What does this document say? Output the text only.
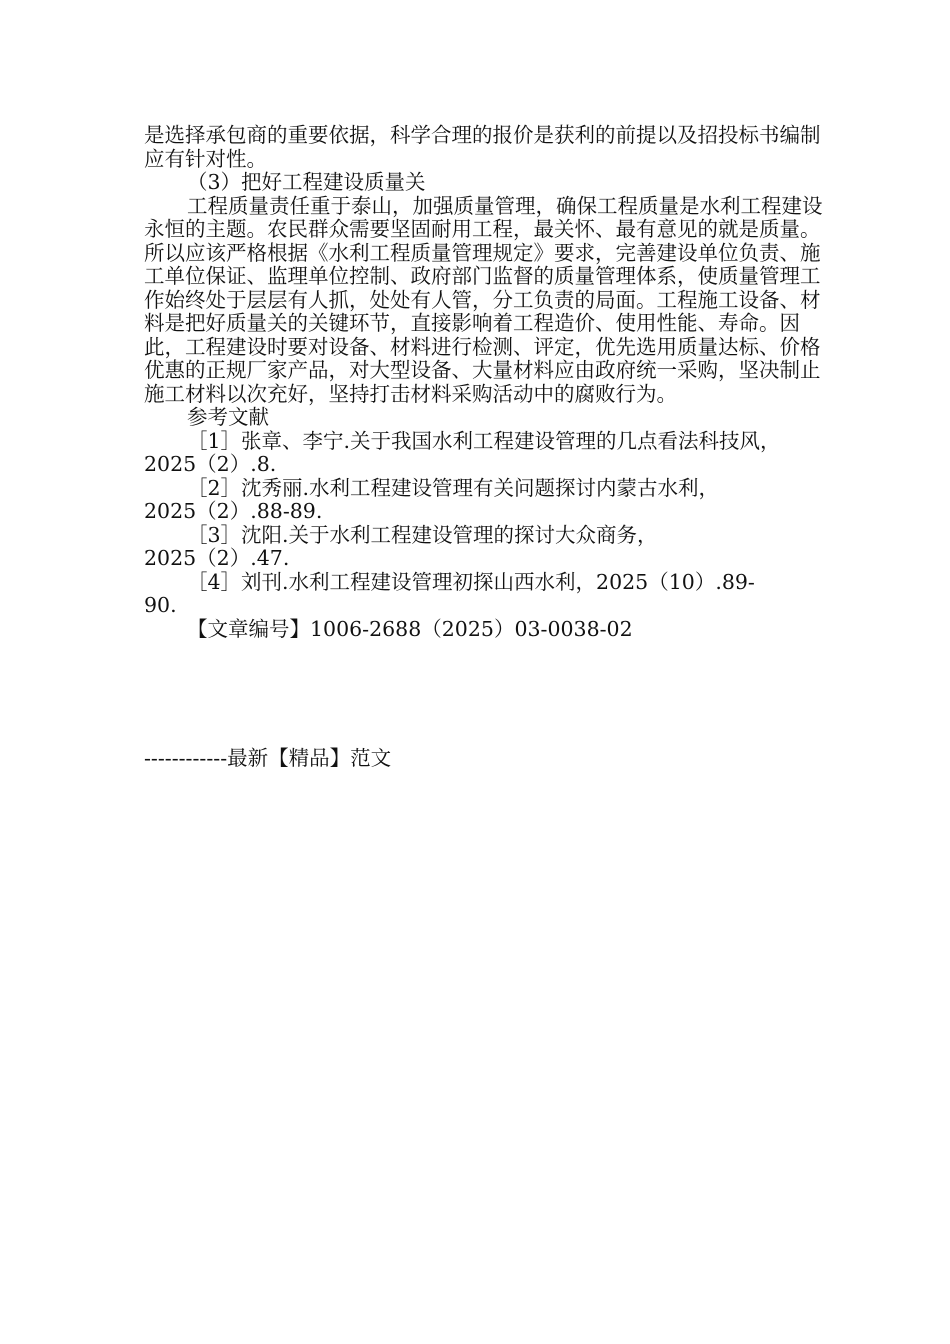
是选择承包商的重要依据，科学合理的报价是获利的前提以及招投标书编制应有针对性。

（3）把好工程建设质量关

工程质量责任重于泰山，加强质量管理，确保工程质量是水利工程建设永恒的主题。农民群众需要坚固耐用工程，最关怀、最有意见的就是质量。所以应该严格根据《水利工程质量管理规定》要求，完善建设单位负责、施工单位保证、监理单位控制、政府部门监督的质量管理体系，使质量管理工作始终处于层层有人抓，处处有人管，分工负责的局面。工程施工设备、材料是把好质量关的关键环节，直接影响着工程造价、使用性能、寿命。因此，工程建设时要对设备、材料进行检测、评定，优先选用质量达标、价格优惠的正规厂家产品，对大型设备、大量材料应由政府统一采购，坚决制止施工材料以次充好，坚持打击材料采购活动中的腐败行为。

参考文献

［1］张章、李宁.关于我国水利工程建设管理的几点看法科技风，

2025（2）.8.

［2］沈秀丽.水利工程建设管理有关问题探讨内蒙古水利，

2025（2）.88-89.

［3］沈阳.关于水利工程建设管理的探讨大众商务，

2025（2）.47.

［4］刘刊.水利工程建设管理初探山西水利，2025（10）.89-

90.

【文章编号】1006-2688（2025）03-0038-02

------------最新【精品】范文
